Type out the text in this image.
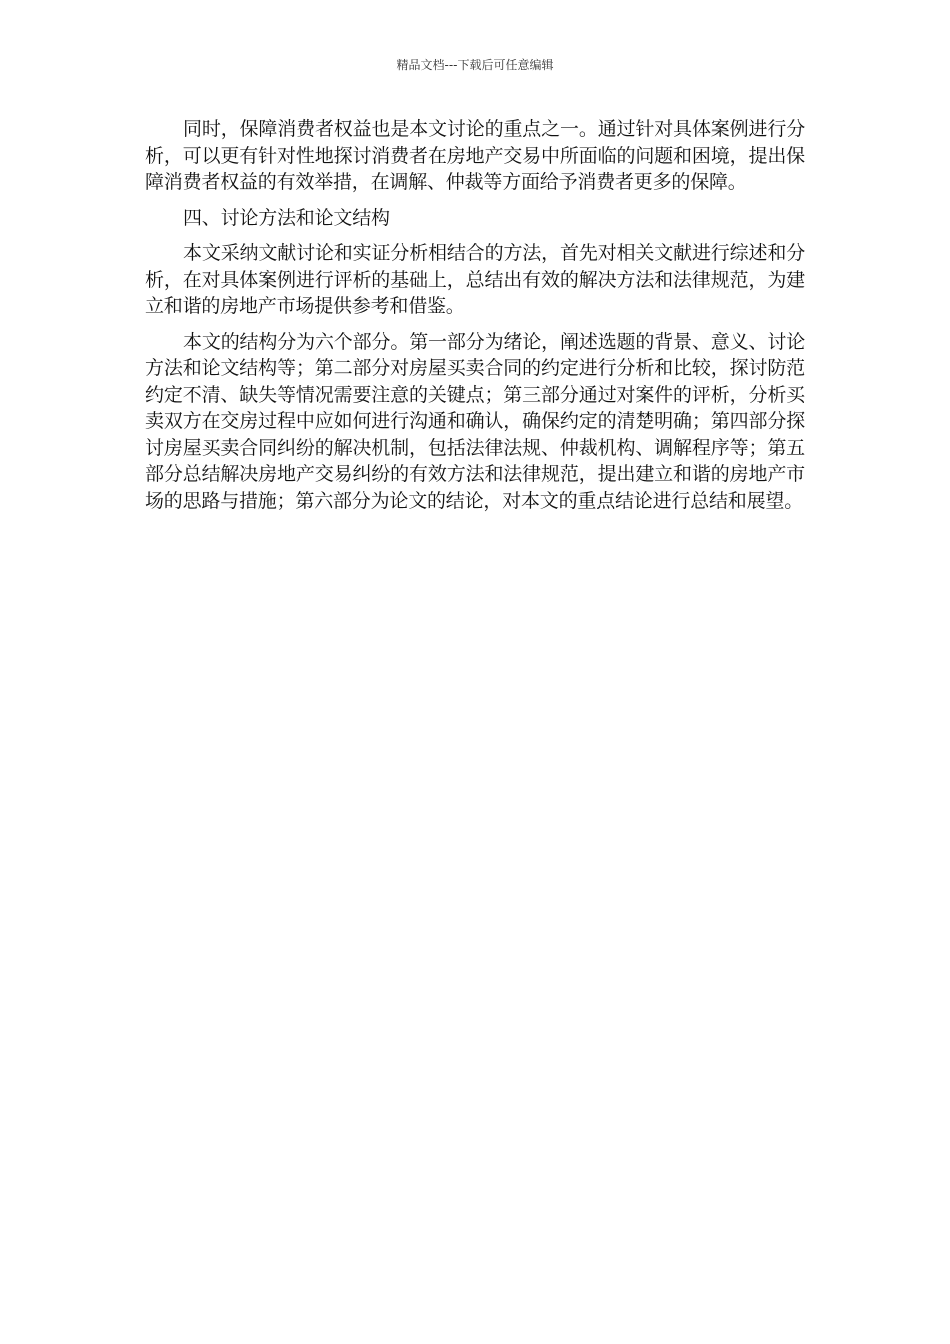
精品文档---下载后可任意编辑

同时，保障消费者权益也是本文讨论的重点之一。通过针对具体案例进行分析，可以更有针对性地探讨消费者在房地产交易中所面临的问题和困境，提出保障消费者权益的有效举措，在调解、仲裁等方面给予消费者更多的保障。

四、讨论方法和论文结构

本文采纳文献讨论和实证分析相结合的方法，首先对相关文献进行综述和分析，在对具体案例进行评析的基础上，总结出有效的解决方法和法律规范，为建立和谐的房地产市场提供参考和借鉴。

本文的结构分为六个部分。第一部分为绪论，阐述选题的背景、意义、讨论方法和论文结构等；第二部分对房屋买卖合同的约定进行分析和比较，探讨防范约定不清、缺失等情况需要注意的关键点；第三部分通过对案件的评析，分析买卖双方在交房过程中应如何进行沟通和确认，确保约定的清楚明确；第四部分探讨房屋买卖合同纠纷的解决机制，包括法律法规、仲裁机构、调解程序等；第五部分总结解决房地产交易纠纷的有效方法和法律规范，提出建立和谐的房地产市场的思路与措施；第六部分为论文的结论，对本文的重点结论进行总结和展望。
